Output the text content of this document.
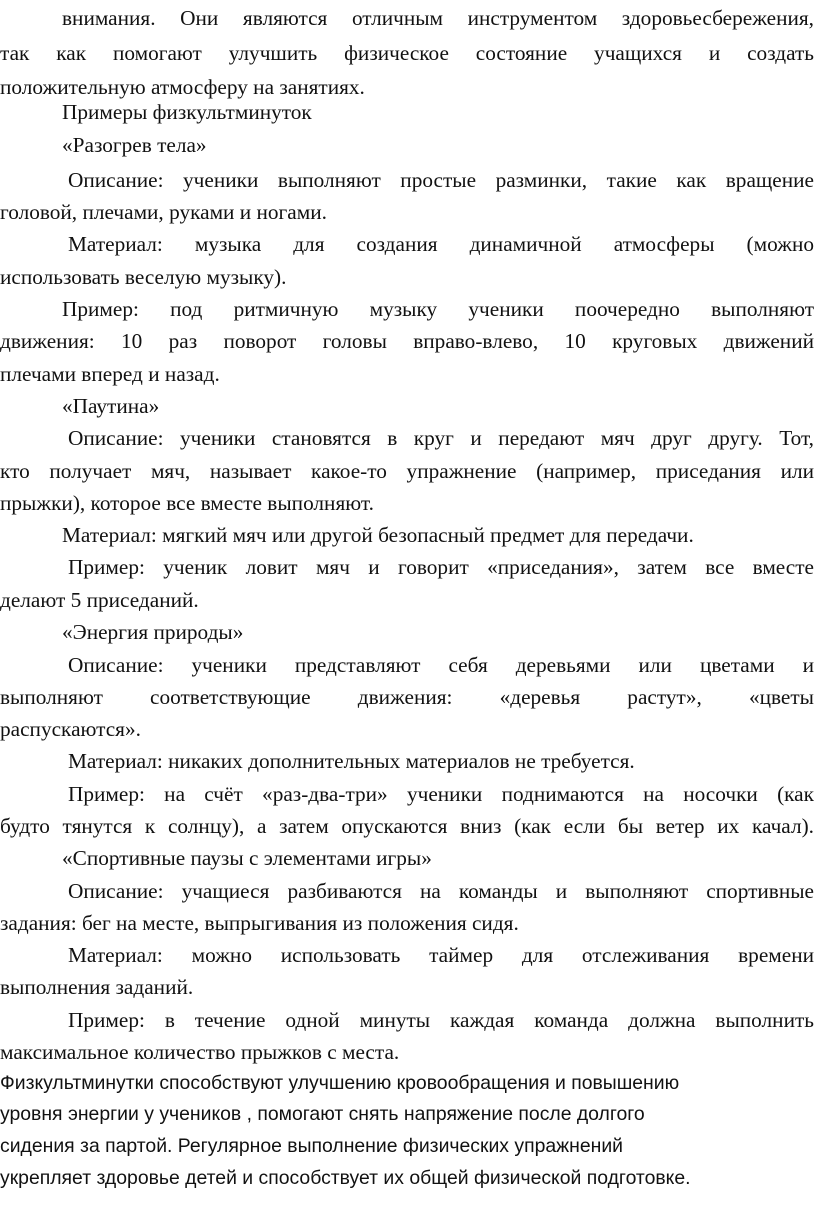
внимания. Они являются отличным инструментом здоровьесбережения,

так как помогают улучшить физическое состояние учащихся и создать

положительную атмосферу на занятиях.

Примеры физкультминуток

«Разогрев тела»

Описание: ученики выполняют простые разминки, такие как вращение

головой, плечами, руками и ногами.

Материал: музыка для создания динамичной атмосферы (можно

использовать веселую музыку).

Пример: под ритмичную музыку ученики поочередно выполняют

движения: 10 раз поворот головы вправо-влево, 10 круговых движений

плечами вперед и назад.

«Паутина»

Описание: ученики становятся в круг и передают мяч друг другу. Тот,

кто получает мяч, называет какое-то упражнение (например, приседания или

прыжки), которое все вместе выполняют.

Материал: мягкий мяч или другой безопасный предмет для передачи.

Пример: ученик ловит мяч и говорит «приседания», затем все вместе

делают 5 приседаний.

«Энергия природы»

Описание: ученики представляют себя деревьями или цветами и

выполняют соответствующие движения: «деревья растут», «цветы

распускаются».

Материал: никаких дополнительных материалов не требуется.

Пример: на счёт «раз-два-три» ученики поднимаются на носочки (как

будто тянутся к солнцу), а затем опускаются вниз (как если бы ветер их качал).

«Спортивные паузы с элементами игры»

Описание: учащиеся разбиваются на команды и выполняют спортивные

задания: бег на месте, выпрыгивания из положения сидя.

Материал: можно использовать таймер для отслеживания времени

выполнения заданий.

Пример: в течение одной минуты каждая команда должна выполнить

максимальное количество прыжков с места.

Физкультминутки способствуют улучшению кровообращения и повышению

уровня энергии у учеников , помогают снять напряжение после долгого

сидения за партой. Регулярное выполнение физических упражнений

укрепляет здоровье детей и способствует их общей физической подготовке.
